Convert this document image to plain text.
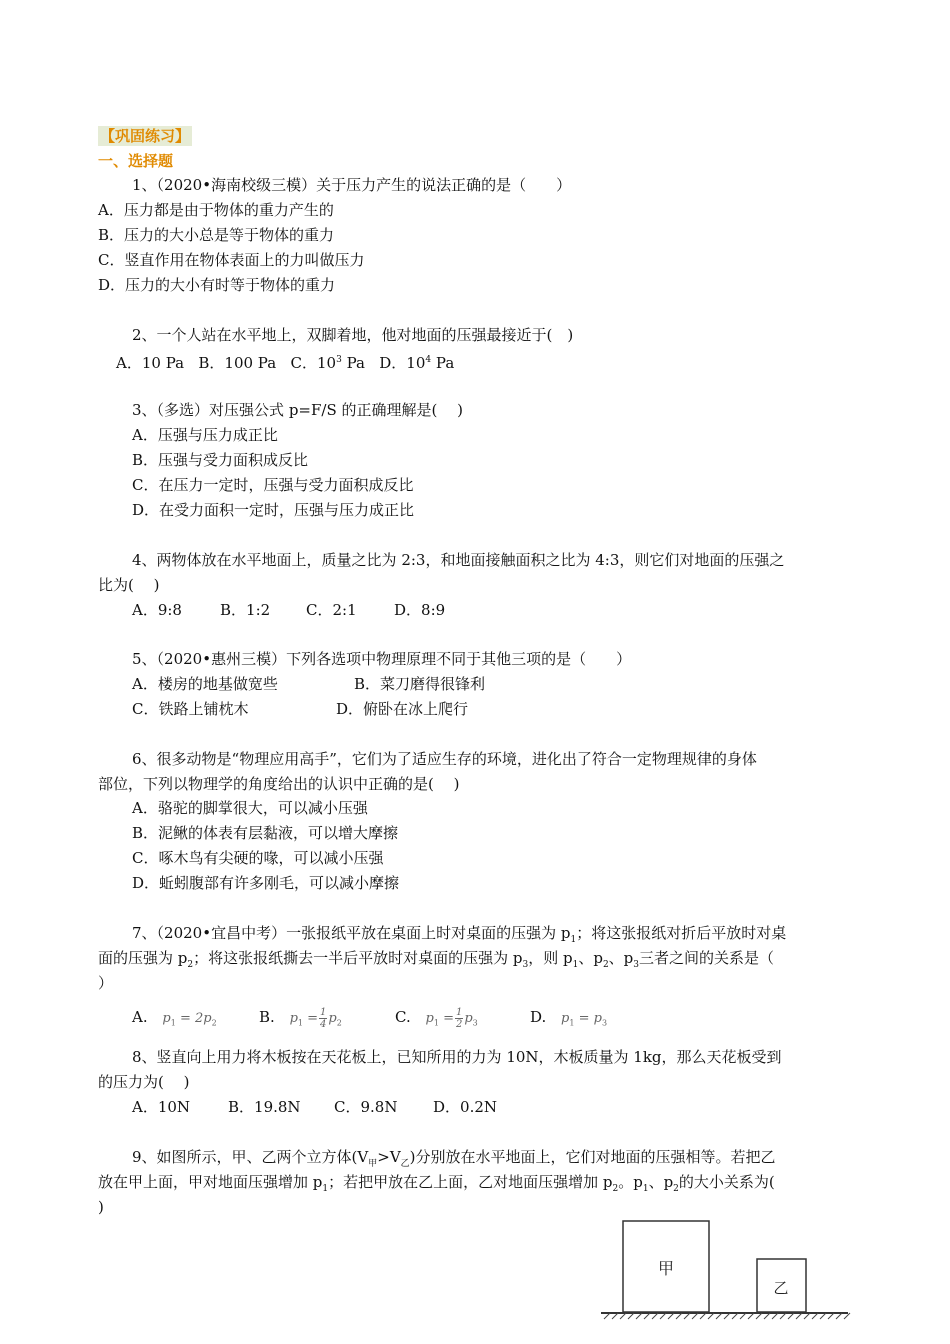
【巩固练习】
一、选择题
1、（2020•海南校级三模）关于压力产生的说法正确的是（　　）
A．压力都是由于物体的重力产生的
B．压力的大小总是等于物体的重力
C．竖直作用在物体表面上的力叫做压力
D．压力的大小有时等于物体的重力
2、一个人站在水平地上，双脚着地，他对地面的压强最接近于(　)
A．10 Pa B．100 Pa C．$10^3$ Pa D．$10^4$ Pa
3、（多选）对压强公式 p=F/S 的正确理解是(　 )
A．压强与压力成正比
B．压强与受力面积成反比
C．在压力一定时，压强与受力面积成反比
D．在受力面积一定时，压强与压力成正比
4、两物体放在水平地面上，质量之比为 2:3，和地面接触面积之比为 4:3，则它们对地面的压强之
比为(　 )
A．9:8	B．1:2 C．2:1 D．8:9
5、（2020•惠州三模）下列各选项中物理原理不同于其他三项的是（　　）
A．楼房的地基做宽些	B．菜刀磨得很锋利
C．铁路上铺枕木	D．俯卧在冰上爬行
6、很多动物是“物理应用高手”，它们为了适应生存的环境，进化出了符合一定物理规律的身体
部位，下列以物理学的角度给出的认识中正确的是(　 )
A．骆驼的脚掌很大，可以减小压强
B．泥鳅的体表有层黏液，可以增大摩擦
C．啄木鸟有尖硬的喙，可以减小压强
D．蚯蚓腹部有许多刚毛，可以减小摩擦
7、（2020•宜昌中考）一张报纸平放在桌面上时对桌面的压强为 $p_1$；将这张报纸对折后平放时对桌
面的压强为 $p_2$；将这张报纸撕去一半后平放时对桌面的压强为 $p_3$，则 $p_1$、$p_2$、$p_3$三者之间的关系是（
）
A. $p_1 = 2p_2$	B. $p_1 = \frac{1}{4} p_2$	C. $p_1 = \frac{1}{2} p_3$	D. $p_1 = p_3$
8、竖直向上用力将木板按在天花板上，已知所用的力为 10N，木板质量为 1kg，那么天花板受到
的压力为(　 )
A．10N	B．19.8N C．9.8N D．0.2N
9、如图所示，甲、乙两个立方体$(V_甲>V_乙)$分别放在水平地面上，它们对地面的压强相等。若把乙
放在甲上面，甲对地面压强增加 $p_1$；若把甲放在乙上面，乙对地面压强增加 $p_2$。$p_1$、$p_2$的大小关系为(
)
甲
乙
